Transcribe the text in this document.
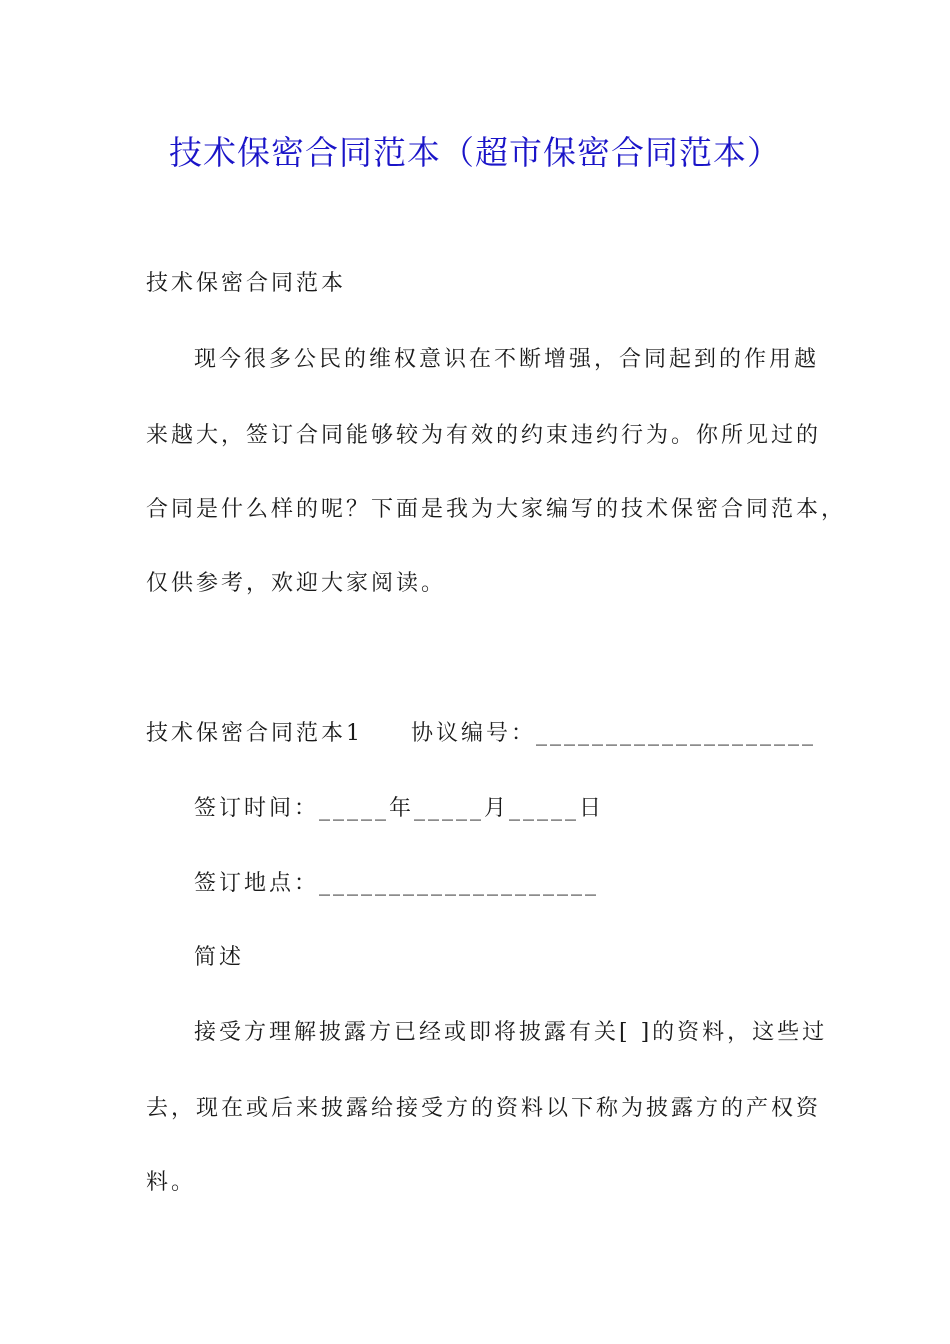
技术保密合同范本（超市保密合同范本）
技术保密合同范本
现今很多公民的维权意识在不断增强，合同起到的作用越
来越大，签订合同能够较为有效的约束违约行为。你所见过的
合同是什么样的呢？下面是我为大家编写的技术保密合同范本，
仅供参考，欢迎大家阅读。
技术保密合同范本1 协议编号：____________________
签订时间：_____年_____月_____日
签订地点：____________________
简述
接受方理解披露方已经或即将披露有关[ ]的资料，这些过
去，现在或后来披露给接受方的资料以下称为披露方的产权资
料。
